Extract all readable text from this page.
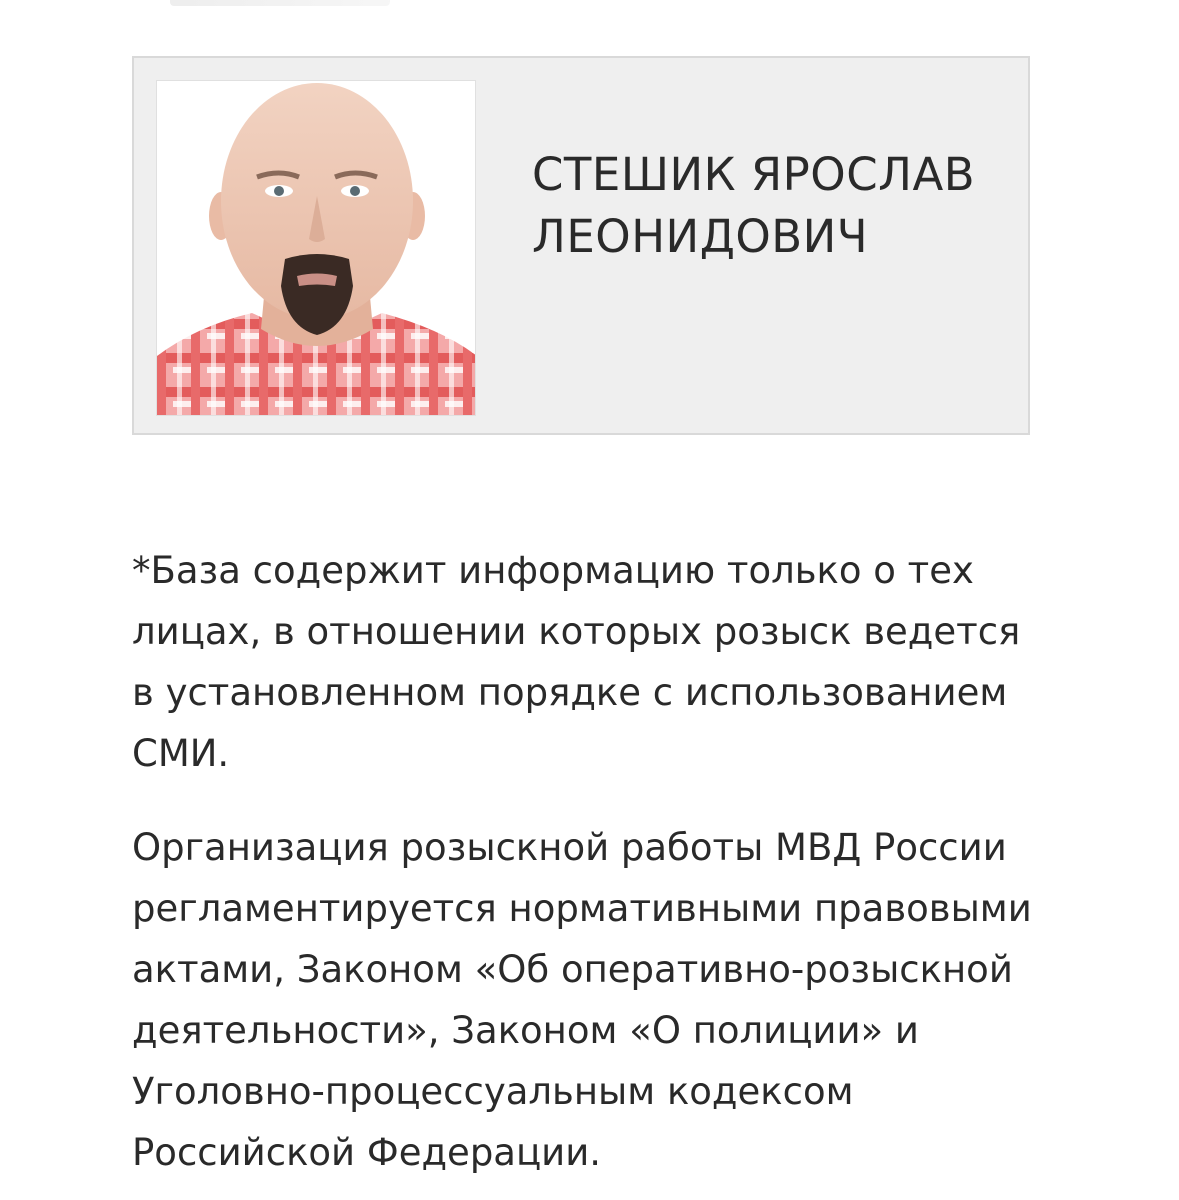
СТЕШИК ЯРОСЛАВ
ЛЕОНИДОВИЧ

*База содержит информацию только о тех
лицах, в отношении которых розыск ведется
в установленном порядке с использованием
СМИ.

Организация розыскной работы МВД России
регламентируется нормативными правовыми
актами, Законом «Об оперативно-розыскной
деятельности», Законом «О полиции» и
Уголовно-процессуальным кодексом
Российской Федерации.
